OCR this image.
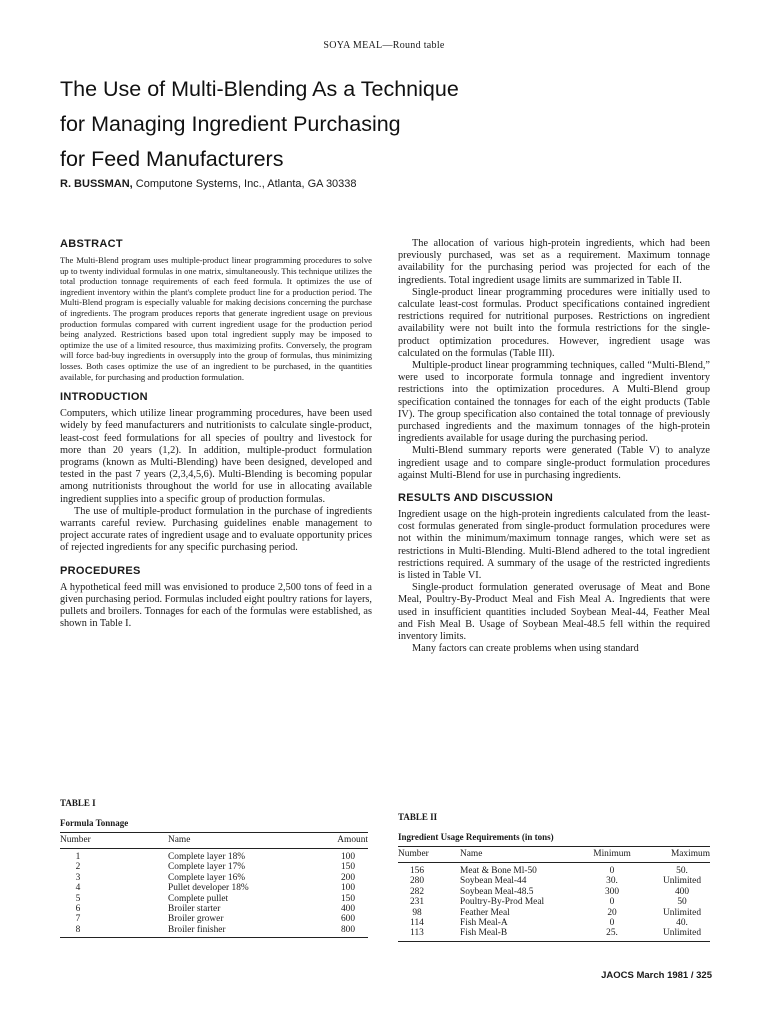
SOYA MEAL—Round table
The Use of Multi-Blending As a Technique
for Managing Ingredient Purchasing
for Feed Manufacturers
R. BUSSMAN, Computone Systems, Inc., Atlanta, GA 30338
ABSTRACT

The Multi-Blend program uses multiple-product linear programming procedures to solve up to twenty individual formulas in one matrix, simultaneously. This technique utilizes the total production tonnage requirements of each feed formula. It optimizes the use of ingredient inventory within the plant's complete product line for a production period. The Multi-Blend program is especially valuable for making decisions concerning the purchase of ingredients. The program produces reports that generate ingredient usage on previous production formulas compared with current ingredient usage for the production period being analyzed. Restrictions based upon total ingredient supply may be imposed to optimize the use of a limited resource, thus maximizing profits. Conversely, the program will force bad-buy ingredients in oversupply into the group of formulas, thus minimizing losses. Both cases optimize the use of an ingredient to be purchased, in the quantities available, for purchasing and production formulation.

INTRODUCTION

Computers, which utilize linear programming procedures, have been used widely by feed manufacturers and nutritionists to calculate single-product, least-cost feed formulations for all species of poultry and livestock for more than 20 years (1,2). In addition, multiple-product formulation programs (known as Multi-Blending) have been designed, developed and tested in the past 7 years (2,3,4,5,6). Multi-Blending is becoming popular among nutritionists throughout the world for use in allocating available ingredient supplies into a specific group of production formulas.

The use of multiple-product formulation in the purchase of ingredients warrants careful review. Purchasing guidelines enable management to project accurate rates of ingredient usage and to evaluate opportunity prices of rejected ingredients for any specific purchasing period.

PROCEDURES

A hypothetical feed mill was envisioned to produce 2,500 tons of feed in a given purchasing period. Formulas included eight poultry rations for layers, pullets and broilers. Tonnages for each of the formulas were established, as shown in Table I.

The allocation of various high-protein ingredients, which had been previously purchased, was set as a requirement. Maximum tonnage availability for the purchasing period was projected for each of the ingredients. Total ingredient usage limits are summarized in Table II.

Single-product linear programming procedures were initially used to calculate least-cost formulas. Product specifications contained ingredient restrictions required for nutritional purposes. Restrictions on ingredient availability were not built into the formula restrictions for the single-product optimization procedures. However, ingredient usage was calculated on the formulas (Table III).

Multiple-product linear programming techniques, called “Multi-Blend,” were used to incorporate formula tonnage and ingredient inventory restrictions into the optimization procedures. A Multi-Blend group specification contained the tonnages for each of the eight products (Table IV). The group specification also contained the total tonnage of previously purchased ingredients and the maximum tonnages of the high-protein ingredients available for usage during the purchasing period.

Multi-Blend summary reports were generated (Table V) to analyze ingredient usage and to compare single-product formulation procedures against Multi-Blend for use in purchasing ingredients.

RESULTS AND DISCUSSION

Ingredient usage on the high-protein ingredients calculated from the least-cost formulas generated from single-product formulation procedures were not within the minimum/maximum tonnage ranges, which were set as restrictions in Multi-Blending. Multi-Blend adhered to the total ingredient restrictions required. A summary of the usage of the restricted ingredients is listed in Table VI.

Single-product formulation generated overusage of Meat and Bone Meal, Poultry-By-Product Meal and Fish Meal A. Ingredients that were used in insufficient quantities included Soybean Meal-44, Feather Meal and Fish Meal B. Usage of Soybean Meal-48.5 fell within the required inventory limits.

Many factors can create problems when using standard

TABLE I
Formula Tonnage
Number	Name	Amount
1	Complete layer 18%	100
2	Complete layer 17%	150
3	Complete layer 16%	200
4	Pullet developer 18%	100
5	Complete pullet	150
6	Broiler starter	400
7	Broiler grower	600
8	Broiler finisher	800
TABLE II
Ingredient Usage Requirements (in tons)
Number	Name	Minimum	Maximum
156	Meat & Bone Ml-50	0	50.
280	Soybean Meal-44	30.	Unlimited
282	Soybean Meal-48.5	300	400
231	Poultry-By-Prod Meal	0	50
98	Feather Meal	20	Unlimited
114	Fish Meal-A	0	40.
113	Fish Meal-B	25.	Unlimited
JAOCS March 1981 / 325
